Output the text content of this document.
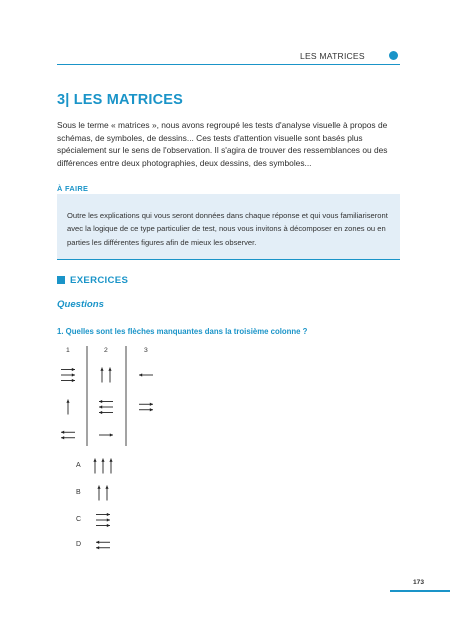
LES MATRICES
3| LES MATRICES
Sous le terme « matrices », nous avons regroupé les tests d'analyse visuelle à propos de schémas, de symboles, de dessins... Ces tests d'attention visuelle sont basés plus spécialement sur le sens de l'observation. Il s'agira de trouver des ressemblances ou des différences entre deux photographies, deux dessins, des symboles...
À FAIRE
Outre les explications qui vous seront données dans chaque réponse et qui vous familiariseront avec la logique de ce type particulier de test, nous vous invitons à décomposer en zones ou en parties les différentes figures afin de mieux les observer.
EXERCICES
Questions
1. Quelles sont les flèches manquantes dans la troisième colonne ?
1	2	3
A
B
C
D
173
